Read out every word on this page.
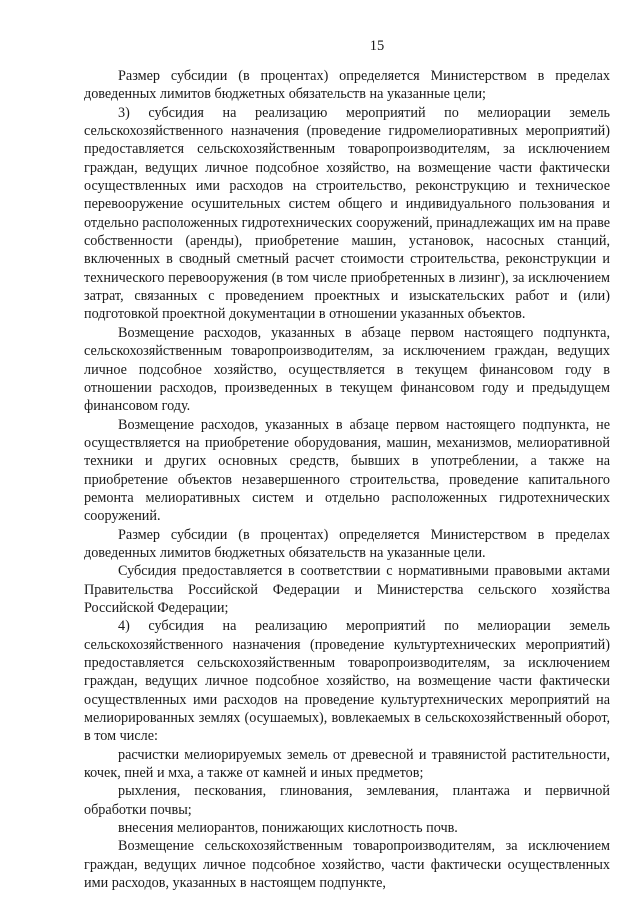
15

Размер субсидии (в процентах) определяется Министерством в пределах доведенных лимитов бюджетных обязательств на указанные цели;

3) субсидия на реализацию мероприятий по мелиорации земель сельскохозяйственного назначения (проведение гидромелиоративных мероприятий) предоставляется сельскохозяйственным товаропроизводителям, за исключением граждан, ведущих личное подсобное хозяйство, на возмещение части фактически осуществленных ими расходов на строительство, реконструкцию и техническое перевооружение осушительных систем общего и индивидуального пользования и отдельно расположенных гидротехнических сооружений, принадлежащих им на праве собственности (аренды), приобретение машин, установок, насосных станций, включенных в сводный сметный расчет стоимости строительства, реконструкции и технического перевооружения (в том числе приобретенных в лизинг), за исключением затрат, связанных с проведением проектных и изыскательских работ и (или) подготовкой проектной документации в отношении указанных объектов.

Возмещение расходов, указанных в абзаце первом настоящего подпункта, сельскохозяйственным товаропроизводителям, за исключением граждан, ведущих личное подсобное хозяйство, осуществляется в текущем финансовом году в отношении расходов, произведенных в текущем финансовом году и предыдущем финансовом году.

Возмещение расходов, указанных в абзаце первом настоящего подпункта, не осуществляется на приобретение оборудования, машин, механизмов, мелиоративной техники и других основных средств, бывших в употреблении, а также на приобретение объектов незавершенного строительства, проведение капитального ремонта мелиоративных систем и отдельно расположенных гидротехнических сооружений.

Размер субсидии (в процентах) определяется Министерством в пределах доведенных лимитов бюджетных обязательств на указанные цели.

Субсидия предоставляется в соответствии с нормативными правовыми актами Правительства Российской Федерации и Министерства сельского хозяйства Российской Федерации;

4) субсидия на реализацию мероприятий по мелиорации земель сельскохозяйственного назначения (проведение культуртехнических мероприятий) предоставляется сельскохозяйственным товаропроизводителям, за исключением граждан, ведущих личное подсобное хозяйство, на возмещение части фактически осуществленных ими расходов на проведение культуртехнических мероприятий на мелиорированных землях (осушаемых), вовлекаемых в сельскохозяйственный оборот, в том числе:

расчистки мелиорируемых земель от древесной и травянистой растительности, кочек, пней и мха, а также от камней и иных предметов;

рыхления, пескования, глинования, землевания, плантажа и первичной обработки почвы;

внесения мелиорантов, понижающих кислотность почв.

Возмещение сельскохозяйственным товаропроизводителям, за исключением граждан, ведущих личное подсобное хозяйство, части фактически осуществленных ими расходов, указанных в настоящем подпункте,
